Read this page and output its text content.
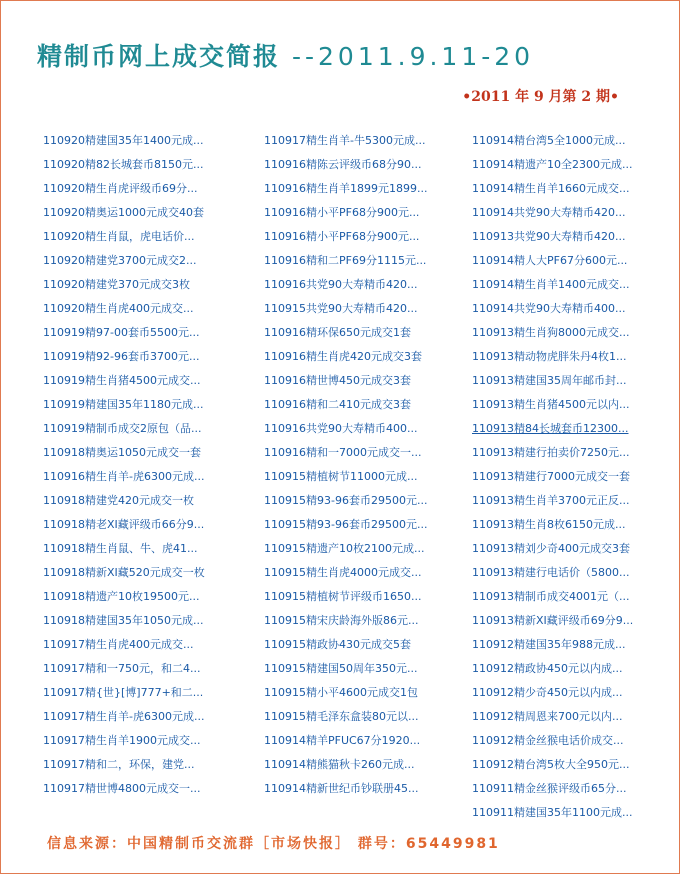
精制币网上成交简报 --2011.9.11-20
•2011 年 9 月第 2 期•
110920精建国35年1400元成...
110920精82长城套币8150元...
110920精生肖虎评级币69分...
110920精奥运1000元成交40套
110920精生肖鼠，虎电话价...
110920精建党3700元成交2...
110920精建党370元成交3枚
110920精生肖虎400元成交...
110919精97-00套币5500元...
110919精92-96套币3700元...
110919精生肖猪4500元成交...
110919精建国35年1180元成...
110919精制币成交2原包（品...
110918精奥运1050元成交一套
110916精生肖羊-虎6300元成...
110918精建党420元成交一枚
110918精老XI藏评级币66分9...
110918精生肖鼠、牛、虎41...
110918精新XI藏520元成交一枚
110918精遗产10枚19500元...
110918精建国35年1050元成...
110917精生肖虎400元成交...
110917精和一750元，和二4...
110917精{世}[博]777+和二...
110917精生肖羊-虎6300元成...
110917精生肖羊1900元成交...
110917精和二，环保，建党...
110917精世博4800元成交一...
110917精生肖羊-牛5300元成...
110916精陈云评级币68分90...
110916精生肖羊1899元1899...
110916精小平PF68分900元...
110916精小平PF68分900元...
110916精和二PF69分1115元...
110916共党90大寿精币420...
110915共党90大寿精币420...
110916精环保650元成交1套
110916精生肖虎420元成交3套
110916精世博450元成交3套
110916精和二410元成交3套
110916共党90大寿精币400...
110916精和一7000元成交一...
110915精植树节11000元成...
110915精93-96套币29500元...
110915精93-96套币29500元...
110915精遗产10枚2100元成...
110915精生肖虎4000元成交...
110915精植树节评级币1650...
110915精宋庆龄海外版86元...
110915精政协430元成交5套
110915精建国50周年350元...
110915精小平4600元成交1包
110915精毛泽东盒装80元以...
110914精羊PFUC67分1920...
110914精熊猫秋卡260元成...
110914精新世纪币钞联册45...
110914精台湾5全1000元成...
110914精遗产10全2300元成...
110914精生肖羊1660元成交...
110914共党90大寿精币420...
110913共党90大寿精币420...
110914精人大PF67分600元...
110914精生肖羊1400元成交...
110914共党90大寿精币400...
110913精生肖狗8000元成交...
110913精动物虎胖朱丹4枚1...
110913精建国35周年邮币封...
110913精生肖猪4500元以内...
110913精84长城套币12300...
110913精建行拍卖价7250元...
110913精建行7000元成交一套
110913精生肖羊3700元正反...
110913精生肖8枚6150元成...
110913精刘少奇400元成交3套
110913精建行电话价（5800...
110913精制币成交4001元（...
110913精新XI藏评级币69分9...
110912精建国35年988元成...
110912精政协450元以内成...
110912精少奇450元以内成...
110912精周恩来700元以内...
110912精金丝猴电话价成交...
110912精台湾5枚大全950元...
110911精金丝猴评级币65分...
110911精建国35年1100元成...
信息来源：中国精制币交流群［市场快报］ 群号：65449981
